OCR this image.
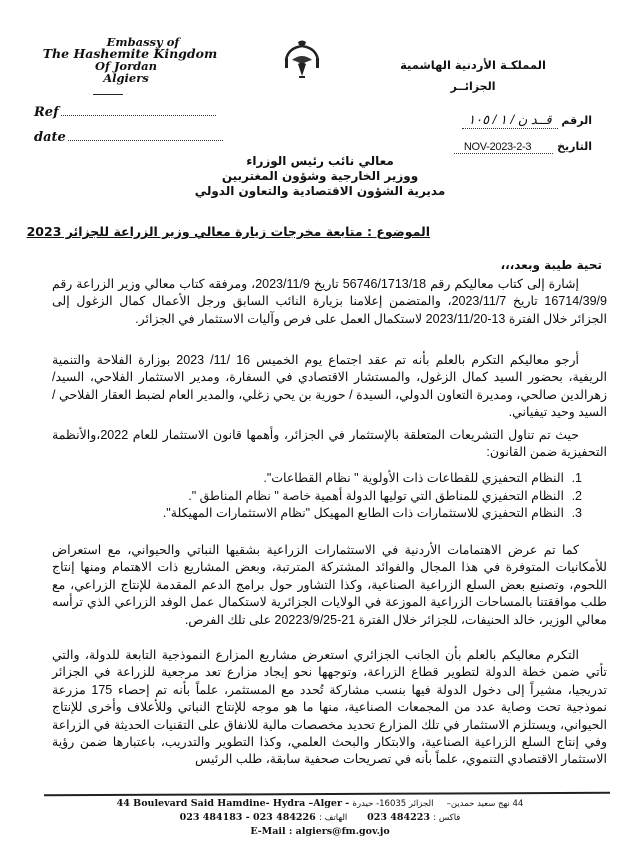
Embassy of
The Hashemite Kingdom
Of Jordan
Algiers
Ref
date
المملكـة الأردنية الهاشمية
الجزائــر
الرقم قــد ن / ١ / ١٠٥
التاريخ 2-3-NOV-2023
معالي نائب رئيس الوزراء
ووزير الخارجية وشؤون المغتربين
مديرية الشؤون الاقتصادية والتعاون الدولي
الموضوع : متابعة مخرجات زيارة معالي وزير الزراعة للجزائر 2023
تحية طيبة وبعد،،،

إشارة إلى كتاب معاليكم رقم 56746/1713/18 تاريخ 2023/11/9، ومرفقه كتاب معالي وزير الزراعة رقم 16714/39/9 تاريخ 2023/11/7، والمتضمن إعلامنا بزيارة النائب السابق ورجل الأعمال كمال الزغول إلى الجزائر خلال الفترة 13-2023/11/20 لاستكمال العمل على فرص وآليات الاستثمار في الجزائر.

أرجو معاليكم التكرم بالعلم بأنه تم عقد اجتماع يوم الخميس 16 /11/ 2023 بوزارة الفلاحة والتنمية الريفية، بحضور السيد كمال الزغول، والمستشار الاقتصادي في السفارة، ومدير الاستثمار الفلاحي، السيد/ زهرالدين صالحي، ومديرة التعاون الدولي، السيدة / حورية بن يحي زغلي، والمدير العام لضبط العقار الفلاحي / السيد وحيد تيفياني.

حيث تم تناول التشريعات المتعلقة بالإستثمار في الجزائر، وأهمها قانون الاستثمار للعام 2022،والأنظمة التحفيزية ضمن القانون:

1.النظام التحفيزي للقطاعات ذات الأولوية " نظام القطاعات".
2.النظام التحفيزي للمناطق التي توليها الدولة أهمية خاصة " نظام المناطق ".
3.النظام التحفيزي للاستثمارات ذات الطابع المهيكل "نظام الاستثمارات المهيكلة".

كما تم عرض الاهتمامات الأردنية في الاستثمارات الزراعية بشقيها النباتي والحيواني، مع استعراض للأمكانيات المتوفرة في هذا المجال والفوائد المشتركة المترتبة، وبعض المشاريع ذات الاهتمام ومنها إنتاج اللحوم، وتصنيع بعض السلع الزراعية الصناعية، وكذا التشاور حول برامج الدعم المقدمة للإنتاج الزراعي، مع طلب موافقتنا بالمساحات الزراعية الموزعة في الولايات الجزائرية لاستكمال عمل الوفد الزراعي الذي ترأسه معالي الوزير، خالد الحنيفات، للجزائر خلال الفترة 21-20223/9/25 على تلك الفرص.

التكرم معاليكم بالعلم بأن الجانب الجزائري استعرض مشاريع المزارع النموذجية التابعة للدولة، والتي تأتي ضمن خطة الدولة لتطوير قطاع الزراعة، وتوجهها نحو إيجاد مزارع تعد مرجعية للزراعة في الجزائر تدريجيا، مشيراً إلى دخول الدولة فيها بنسب مشاركة تُحدد مع المستثمر، علماً بأنه تم إحصاء 175 مزرعة نموذجية تحت وصاية عدد من المجمعات الصناعية، منها ما هو موجه للإنتاج النباتي وللأعلاف وأخرى للإنتاج الحيواني، ويستلزم الاستثمار في تلك المزارع تحديد مخصصات مالية للانفاق على التقنيات الحديثة في الزراعة وفي إنتاج السلع الزراعية الصناعية، والابتكار والبحث العلمي، وكذا التطوير والتدريب، باعتبارها ضمن رؤية الاستثمار الاقتصادي التنموي، علماً بأنه في تصريحات صحفية سابقة، طلب الرئيس

44 Boulevard Said Hamdine- Hydra –Alger - الجزائر 16035- حيدرة 44 نهج سعيد حمدين–
023 484183 - 023 484226 الهاتف : 023 484223 فاكس :
E-Mail : algiers@fm.gov.jo
